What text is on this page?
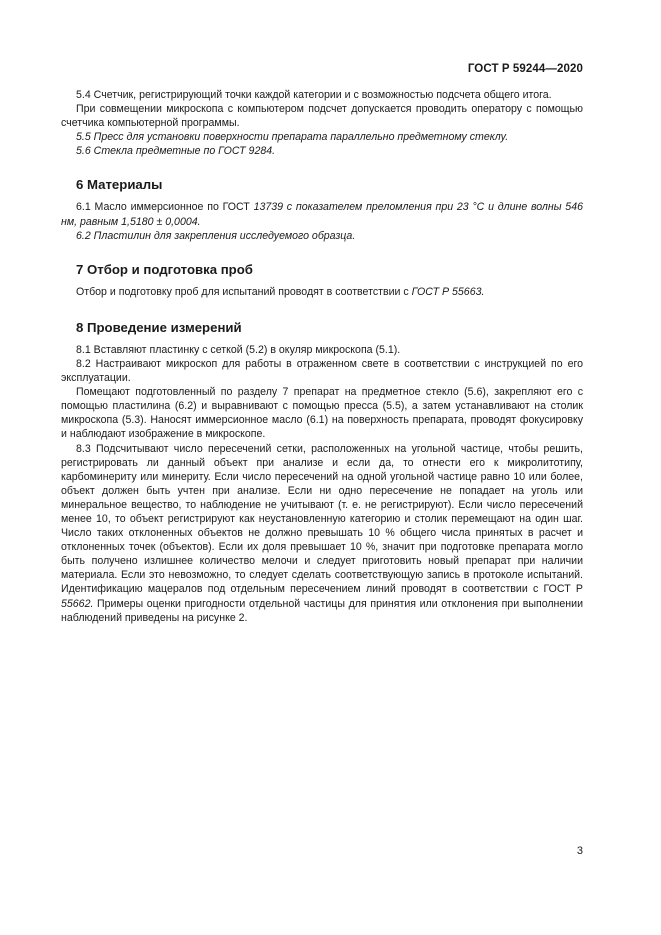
ГОСТ Р 59244—2020

5.4 Счетчик, регистрирующий точки каждой категории и с возможностью подсчета общего итога.

При совмещении микроскопа с компьютером подсчет допускается проводить оператору с помощью счетчика компьютерной программы.

5.5 Пресс для установки поверхности препарата параллельно предметному стеклу.

5.6 Стекла предметные по ГОСТ 9284.

6 Материалы

6.1 Масло иммерсионное по ГОСТ 13739 с показателем преломления при 23 °С и длине волны 546 нм, равным 1,5180 ± 0,0004.

6.2 Пластилин для закрепления исследуемого образца.

7 Отбор и подготовка проб

Отбор и подготовку проб для испытаний проводят в соответствии с ГОСТ Р 55663.

8 Проведение измерений

8.1 Вставляют пластинку с сеткой (5.2) в окуляр микроскопа (5.1).

8.2 Настраивают микроскоп для работы в отраженном свете в соответствии с инструкцией по его эксплуатации.

Помещают подготовленный по разделу 7 препарат на предметное стекло (5.6), закрепляют его с помощью пластилина (6.2) и выравнивают с помощью пресса (5.5), а затем устанавливают на столик микроскопа (5.3). Наносят иммерсионное масло (6.1) на поверхность препарата, проводят фокусировку и наблюдают изображение в микроскопе.

8.3 Подсчитывают число пересечений сетки, расположенных на угольной частице, чтобы решить, регистрировать ли данный объект при анализе и если да, то отнести его к микролитотипу, карбоминериту или минериту. Если число пересечений на одной угольной частице равно 10 или более, объект должен быть учтен при анализе. Если ни одно пересечение не попадает на уголь или минеральное вещество, то наблюдение не учитывают (т. е. не регистрируют). Если число пересечений менее 10, то объект регистрируют как неустановленную категорию и столик перемещают на один шаг. Число таких отклоненных объектов не должно превышать 10 % общего числа принятых в расчет и отклоненных точек (объектов). Если их доля превышает 10 %, значит при подготовке препарата могло быть получено излишнее количество мелочи и следует приготовить новый препарат при наличии материала. Если это невозможно, то следует сделать соответствующую запись в протоколе испытаний. Идентификацию мацералов под отдельным пересечением линий проводят в соответствии с ГОСТ Р 55662. Примеры оценки пригодности отдельной частицы для принятия или отклонения при выполнении наблюдений приведены на рисунке 2.

3
